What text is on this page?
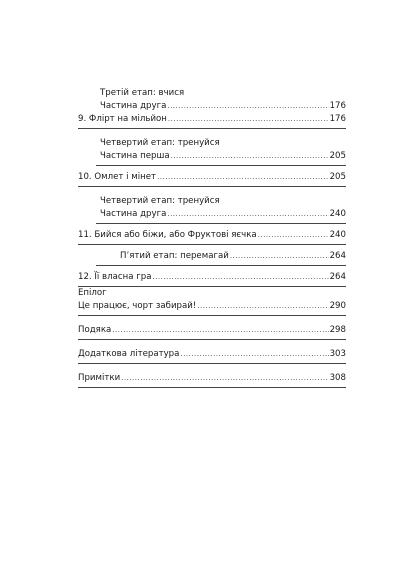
Третій етап: вчися
Частина друга .....	176
9. Флірт на мільйон .....	176
Четвертий етап: тренуйся
Частина перша .....	205
10. Омлет і мінет .....	205
Четвертий етап: тренуйся
Частина друга .....	240
11. Бийся або біжи, або Фруктові яєчка .....	240
П’ятий етап: перемагай .....	264
12. Її власна гра .....	264
Епілог
Це працює, чорт забирай! .....	290
Подяка .....	298
Додаткова література .....	303
Примітки .....	308
